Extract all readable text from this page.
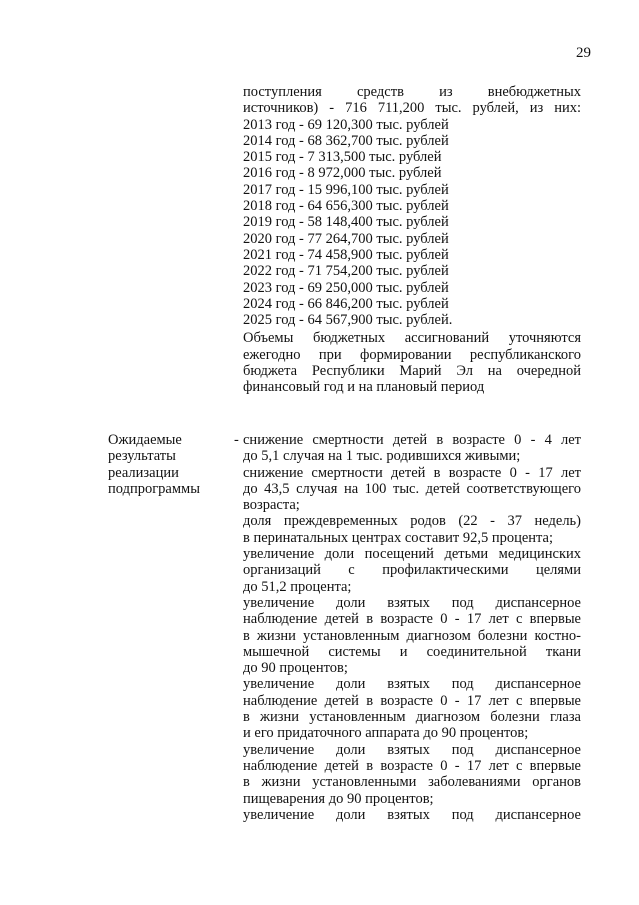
29
поступления средств из внебюджетных
источников) - 716 711,200 тыс. рублей, из них:
2013 год - 69 120,300 тыс. рублей
2014 год - 68 362,700 тыс. рублей
2015 год - 7 313,500 тыс. рублей
2016 год - 8 972,000 тыс. рублей
2017 год - 15 996,100 тыс. рублей
2018 год - 64 656,300 тыс. рублей
2019 год - 58 148,400 тыс. рублей
2020 год - 77 264,700 тыс. рублей
2021 год - 74 458,900 тыс. рублей
2022 год - 71 754,200 тыс. рублей
2023 год - 69 250,000 тыс. рублей
2024 год - 66 846,200 тыс. рублей
2025 год - 64 567,900 тыс. рублей.
Объемы бюджетных ассигнований уточняются
ежегодно при формировании республиканского
бюджета Республики Марий Эл на очередной
финансовый год и на плановый период
Ожидаемые
результаты
реализации
подпрограммы
- снижение смертности детей в возрасте 0 - 4 лет
до 5,1 случая на 1 тыс. родившихся живыми;
снижение смертности детей в возрасте 0 - 17 лет
до 43,5 случая на 100 тыс. детей соответствующего
возраста;
доля преждевременных родов (22 - 37 недель)
в перинатальных центрах составит 92,5 процента;
увеличение доли посещений детьми медицинских
организаций с профилактическими целями
до 51,2 процента;
увеличение доли взятых под диспансерное
наблюдение детей в возрасте 0 - 17 лет с впервые
в жизни установленным диагнозом болезни костно-
мышечной системы и соединительной ткани
до 90 процентов;
увеличение доли взятых под диспансерное
наблюдение детей в возрасте 0 - 17 лет с впервые
в жизни установленным диагнозом болезни глаза
и его придаточного аппарата до 90 процентов;
увеличение доли взятых под диспансерное
наблюдение детей в возрасте 0 - 17 лет с впервые
в жизни установленными заболеваниями органов
пищеварения до 90 процентов;
увеличение доли взятых под диспансерное
